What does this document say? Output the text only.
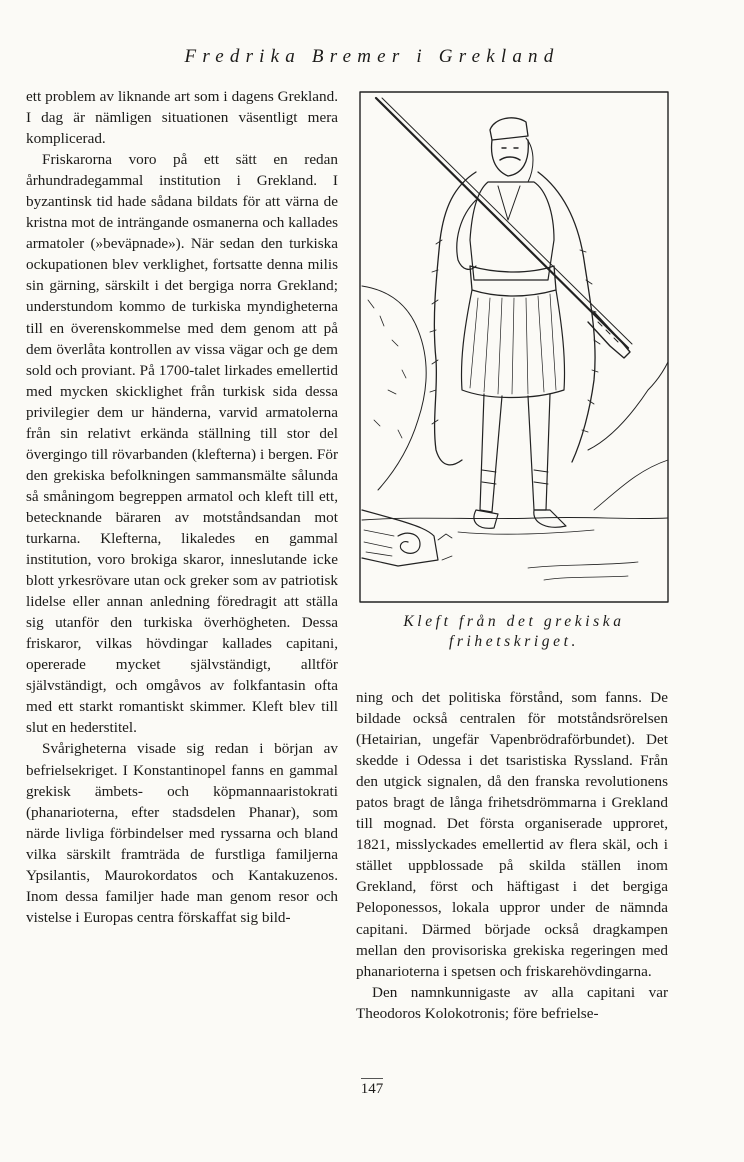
Fredrika Bremer i Grekland

ett problem av liknande art som i dagens Grekland. I dag är nämligen situationen väsentligt mera komplicerad.

Friskarorna voro på ett sätt en redan århundradegammal institution i Grekland. I byzantinsk tid hade sådana bildats för att värna de kristna mot de inträngande osmanerna och kallades armatoler (»beväpnade»). När sedan den turkiska ockupationen blev verklighet, fortsatte denna milis sin gärning, särskilt i det bergiga norra Grekland; understundom kommo de turkiska myndigheterna till en överenskommelse med dem genom att på dem överlåta kontrollen av vissa vägar och ge dem sold och proviant. På 1700-talet lirkades emellertid med mycken skicklighet från turkisk sida dessa privilegier dem ur händerna, varvid armatolerna från sin relativt erkända ställning till stor del övergingo till rövarbanden (klefterna) i bergen. För den grekiska befolkningen sammansmälte sålunda så småningom begreppen armatol och kleft till ett, betecknande bäraren av motståndsandan mot turkarna. Klefterna, likaledes en gammal institution, voro brokiga skaror, inneslutande icke blott yrkesrövare utan ock greker som av patriotisk lidelse eller annan anledning föredragit att ställa sig utanför den turkiska överhögheten. Dessa friskaror, vilkas hövdingar kallades capitani, opererade mycket självständigt, alltför självständigt, och omgåvos av folkfantasin ofta med ett starkt romantiskt skimmer. Kleft blev till slut en hederstitel.

Svårigheterna visade sig redan i början av befrielsekriget. I Konstantinopel fanns en gammal grekisk ämbets- och köpmannaaristokrati (phanarioterna, efter stadsdelen Phanar), som närde livliga förbindelser med ryssarna och bland vilka särskilt framträda de furstliga familjerna Ypsilantis, Maurokordatos och Kantakuzenos. Inom dessa familjer hade man genom resor och vistelse i Europas centra förskaffat sig bild-

Kleft från det grekiska frihetskriget.

ning och det politiska förstånd, som fanns. De bildade också centralen för motståndsrörelsen (Hetairian, ungefär Vapenbrödraförbundet). Det skedde i Odessa i det tsaristiska Ryssland. Från den utgick signalen, då den franska revolutionens patos bragt de långa frihetsdrömmarna i Grekland till mognad. Det första organiserade upproret, 1821, misslyckades emellertid av flera skäl, och i stället uppblossade på skilda ställen inom Grekland, först och häftigast i det bergiga Peloponessos, lokala uppror under de nämnda capitani. Därmed började också dragkampen mellan den provisoriska grekiska regeringen med phanarioterna i spetsen och friskarehövdingarna.

Den namnkunnigaste av alla capitani var Theodoros Kolokotronis; före befrielse-

147
